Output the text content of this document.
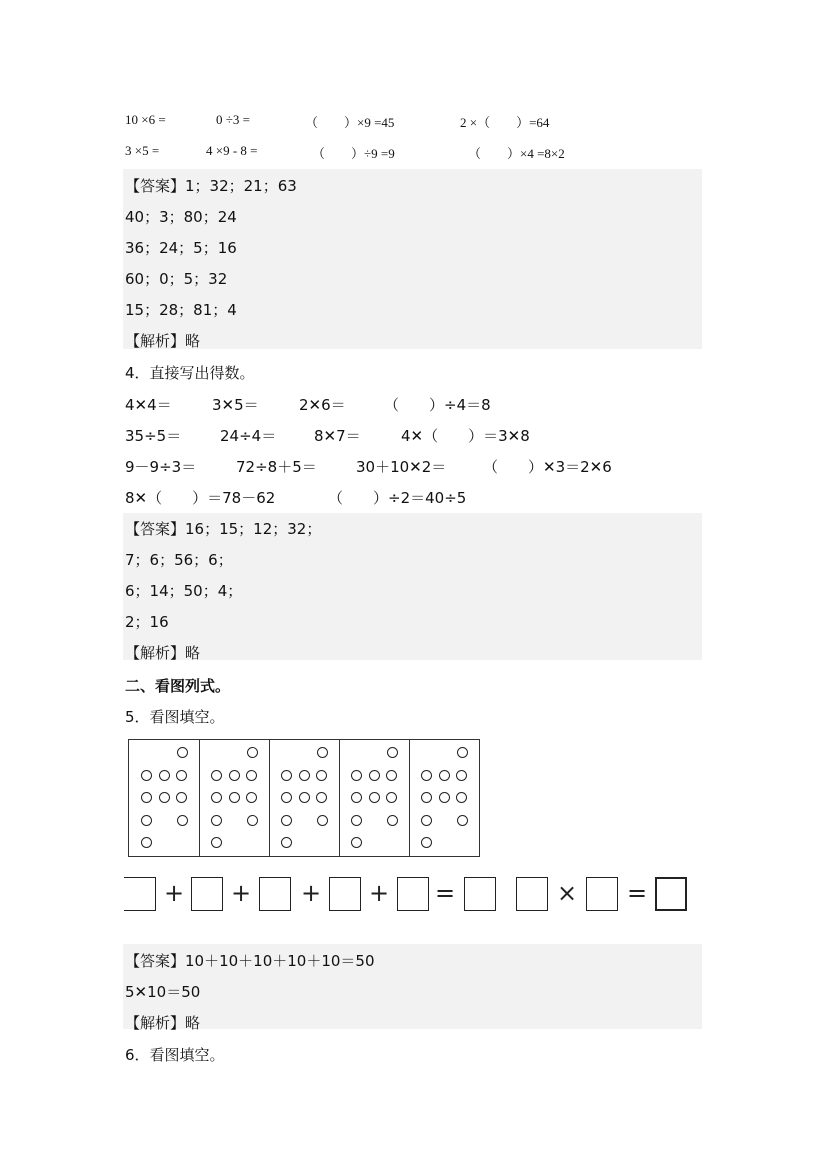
10 ×6 =	0 ÷3 =	（　　）×9 =45	2 ×（　　）=64
3 ×5 =	4 ×9 - 8 =	（　　）÷9 =9	（　　）×4 =8×2
【答案】1；32；21；63
40；3；80；24
36；24；5；16
60；0；5；32
15；28；81；4
【解析】略
4．直接写出得数。
4✕4＝	3✕5＝	2✕6＝	（　　）÷4＝8
35÷5＝	24÷4＝	8✕7＝	4✕（　　）＝3✕8
9－9÷3＝	72÷8＋5＝	30＋10✕2＝ （　　）✕3＝2✕6
8✕（　　）＝78－62	（　　）÷2＝40÷5
【答案】16；15；12；32；
7；6；56；6；
6；14；50；4；
2；16
【解析】略
二、看图列式。
5．看图填空。
+ + + + =	× =
【答案】10＋10＋10＋10＋10＝50
5✕10＝50
【解析】略
6．看图填空。
